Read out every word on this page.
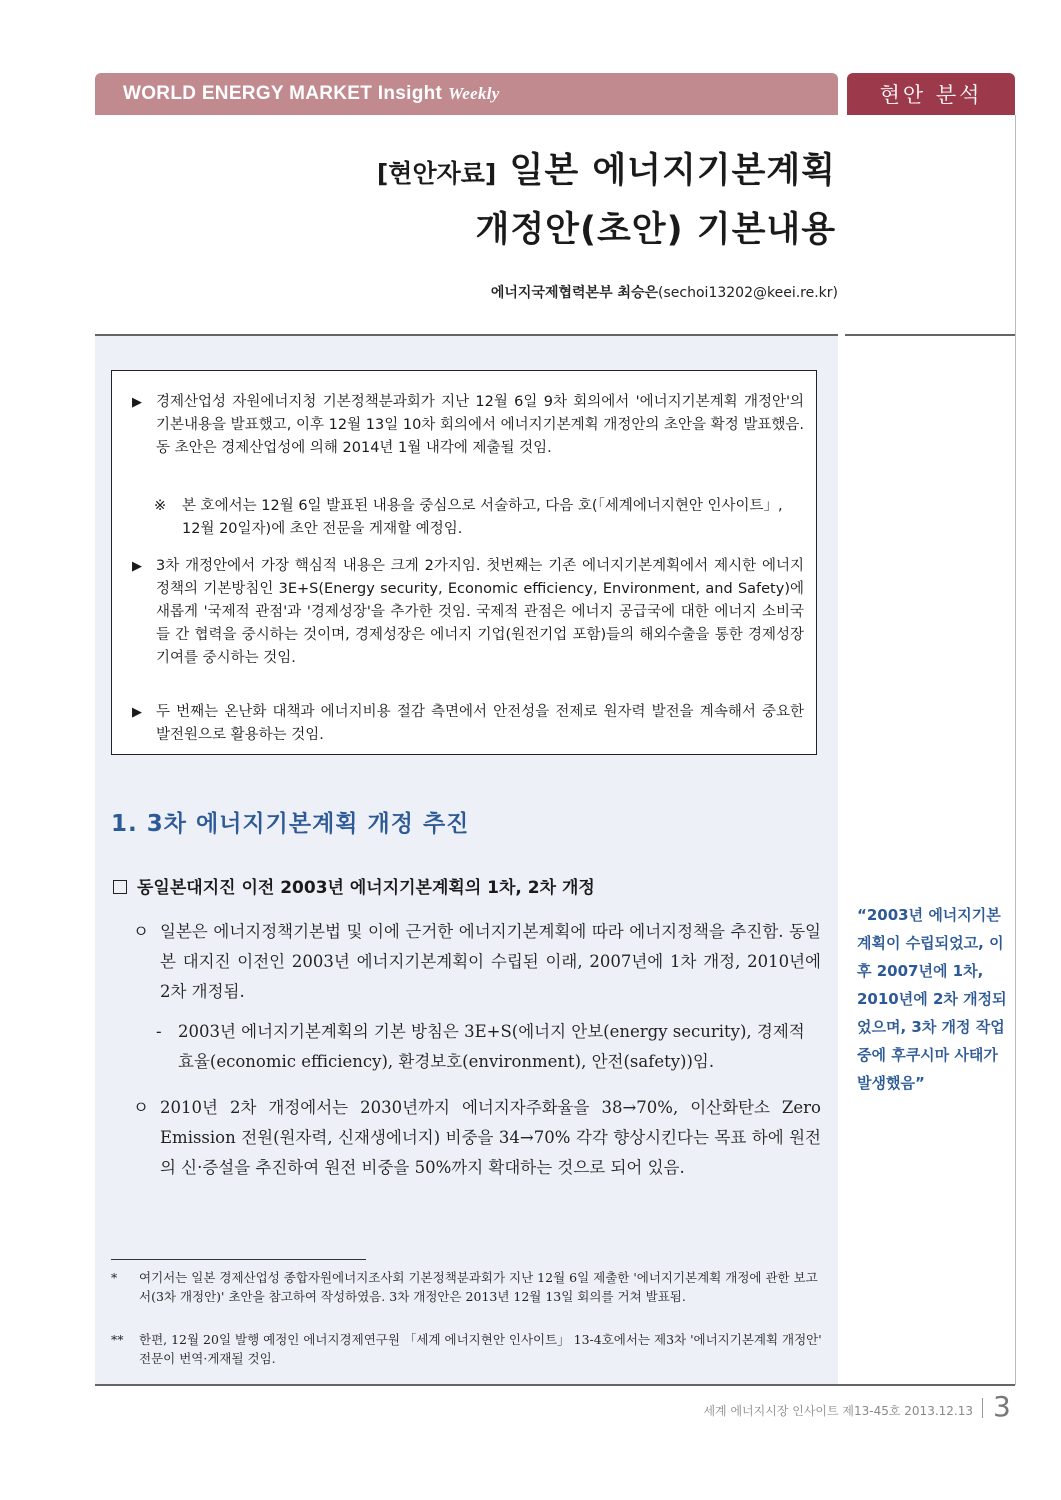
WORLD ENERGY MARKET Insight Weekly	현안 분석
[현안자료] 일본 에너지기본계획
개정안(초안) 기본내용
에너지국제협력본부 최승은(sechoi13202@keei.re.kr)
▶ 경제산업성 자원에너지청 기본정책분과회가 지난 12월 6일 9차 회의에서 '에너지기본계획 개정안'의 기본내용을 발표했고, 이후 12월 13일 10차 회의에서 에너지기본계획 개정안의 초안을 확정 발표했음. 동 초안은 경제산업성에 의해 2014년 1월 내각에 제출될 것임.
※ 본 호에서는 12월 6일 발표된 내용을 중심으로 서술하고, 다음 호(「세계에너지현안 인사이트」, 12월 20일자)에 초안 전문을 게재할 예정임.
▶ 3차 개정안에서 가장 핵심적 내용은 크게 2가지임. 첫번째는 기존 에너지기본계획에서 제시한 에너지 정책의 기본방침인 3E+S(Energy security, Economic efficiency, Environment, and Safety)에 새롭게 '국제적 관점'과 '경제성장'을 추가한 것임. 국제적 관점은 에너지 공급국에 대한 에너지 소비국들 간 협력을 중시하는 것이며, 경제성장은 에너지 기업(원전기업 포함)들의 해외수출을 통한 경제성장 기여를 중시하는 것임.
▶ 두 번째는 온난화 대책과 에너지비용 절감 측면에서 안전성을 전제로 원자력 발전을 계속해서 중요한 발전원으로 활용하는 것임.
1. 3차 에너지기본계획 개정 추진
동일본대지진 이전 2003년 에너지기본계획의 1차, 2차 개정
ㅇ 일본은 에너지정책기본법 및 이에 근거한 에너지기본계획에 따라 에너지정책을 추진함. 동일본 대지진 이전인 2003년 에너지기본계획이 수립된 이래, 2007년에 1차 개정, 2010년에 2차 개정됨.
- 2003년 에너지기본계획의 기본 방침은 3E+S(에너지 안보(energy security), 경제적 효율(economic efficiency), 환경보호(environment), 안전(safety))임.
ㅇ 2010년 2차 개정에서는 2030년까지 에너지자주화율을 38→70%, 이산화탄소 Zero Emission 전원(원자력, 신재생에너지) 비중을 34→70% 각각 향상시킨다는 목표 하에 원전의 신·증설을 추진하여 원전 비중을 50%까지 확대하는 것으로 되어 있음.
* 여기서는 일본 경제산업성 종합자원에너지조사회 기본정책분과회가 지난 12월 6일 제출한 '에너지기본계획 개정에 관한 보고서(3차 개정안)' 초안을 참고하여 작성하였음. 3차 개정안은 2013년 12월 13일 회의를 거쳐 발표됨.
** 한편, 12월 20일 발행 예정인 에너지경제연구원 「세계 에너지현안 인사이트」 13-4호에서는 제3차 '에너지기본계획 개정안' 전문이 번역·게재될 것임.
“2003년 에너지기본계획이 수립되었고, 이후 2007년에 1차, 2010년에 2차 개정되었으며, 3차 개정 작업 중에 후쿠시마 사태가 발생했음”
세계 에너지시장 인사이트 제13-45호 2013.12.13 3
